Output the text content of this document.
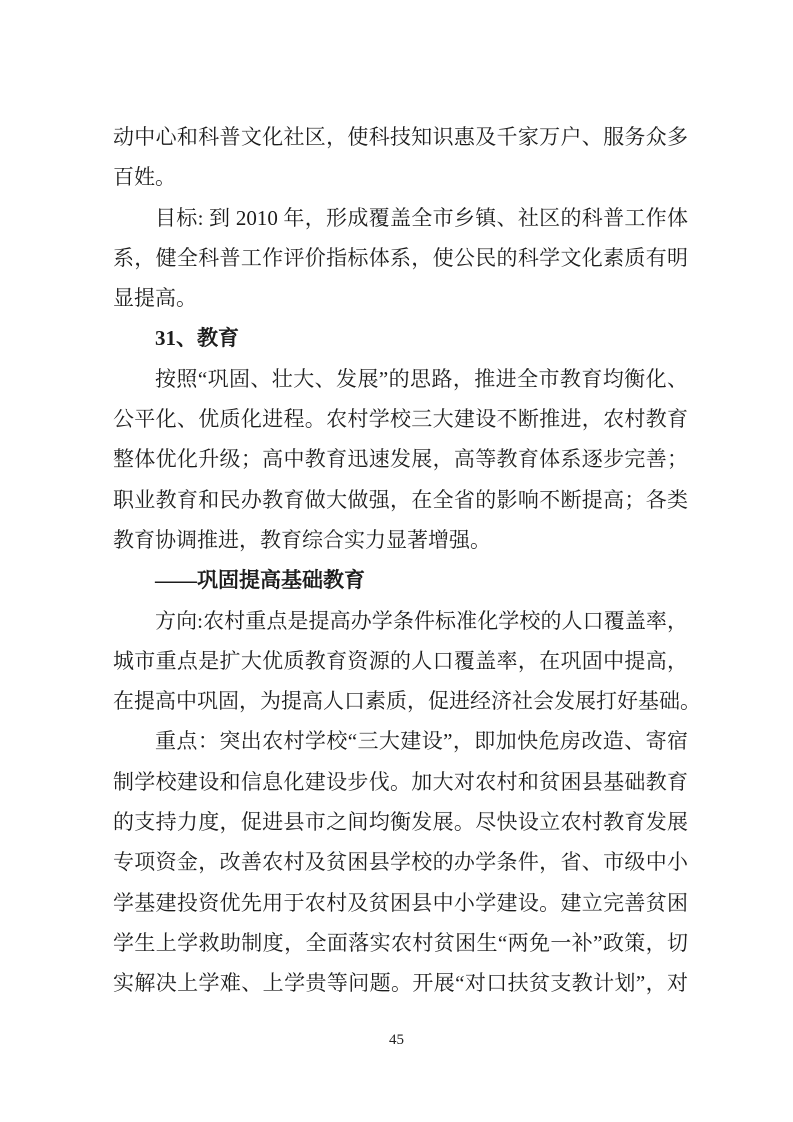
动中心和科普文化社区，使科技知识惠及千家万户、服务众多
百姓。
目标: 到 2010 年，形成覆盖全市乡镇、社区的科普工作体
系，健全科普工作评价指标体系，使公民的科学文化素质有明
显提高。
31、教育
按照“巩固、壮大、发展”的思路，推进全市教育均衡化、
公平化、优质化进程。农村学校三大建设不断推进，农村教育
整体优化升级；高中教育迅速发展，高等教育体系逐步完善；
职业教育和民办教育做大做强，在全省的影响不断提高；各类
教育协调推进，教育综合实力显著增强。
——巩固提高基础教育
方向:农村重点是提高办学条件标准化学校的人口覆盖率，
城市重点是扩大优质教育资源的人口覆盖率，在巩固中提高，
在提高中巩固，为提高人口素质，促进经济社会发展打好基础。
重点：突出农村学校“三大建设”，即加快危房改造、寄宿
制学校建设和信息化建设步伐。加大对农村和贫困县基础教育
的支持力度，促进县市之间均衡发展。尽快设立农村教育发展
专项资金，改善农村及贫困县学校的办学条件，省、市级中小
学基建投资优先用于农村及贫困县中小学建设。建立完善贫困
学生上学救助制度，全面落实农村贫困生“两免一补”政策，切
实解决上学难、上学贵等问题。开展“对口扶贫支教计划”，对
45
